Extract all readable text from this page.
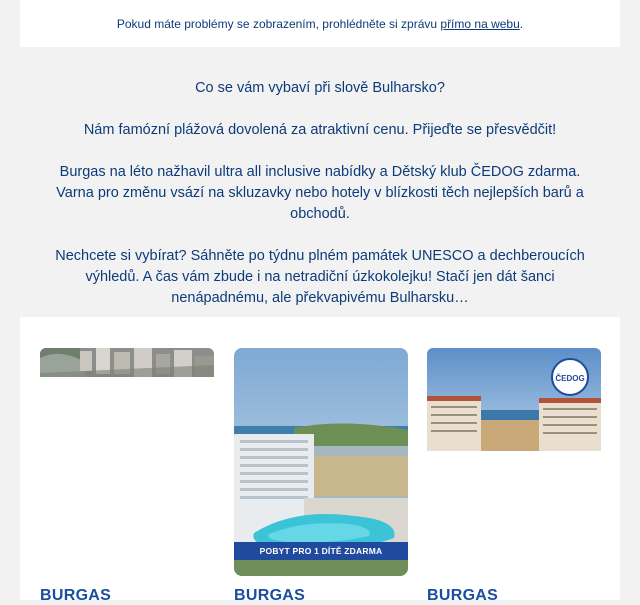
Pokud máte problémy se zobrazením, prohlédněte si zprávu přímo na webu.

Co se vám vybaví při slově Bulharsko?

Nám famózní plážová dovolená za atraktivní cenu. Přijeďte se přesvědčit!

Burgas na léto nažhavil ultra all inclusive nabídky a Dětský klub ČEDOG zdarma. Varna pro změnu vsází na skluzavky nebo hotely v blízkosti těch nejlepších barů a obchodů.

Nechcete si vybírat? Sáhněte po týdnu plném památek UNESCO a dechberoucích výhledů. A čas vám zbude i na netradiční úzkokolejku! Stačí jen dát šanci nenápadnému, ale překvapivému Bulharsku…

BURGAS
POBYT PRO 1 DÍTĚ ZDARMA
BURGAS
ČEDOG
BURGAS
